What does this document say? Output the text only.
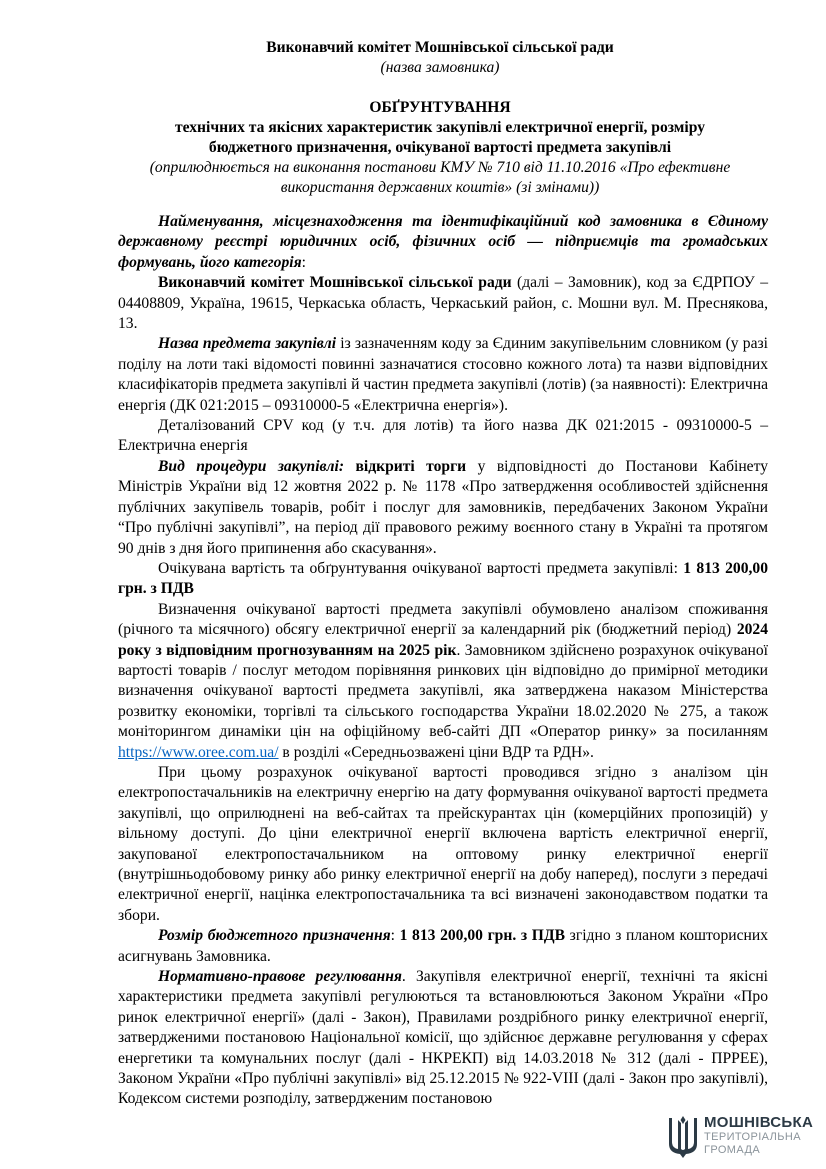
Виконавчий комітет Мошнівської сільської ради
(назва замовника)
ОБҐРУНТУВАННЯ
технічних та якісних характеристик закупівлі електричної енергії, розміру
бюджетного призначення, очікуваної вартості предмета закупівлі
(оприлюднюється на виконання постанови КМУ № 710 від 11.10.2016 «Про ефективне
використання державних коштів» (зі змінами))

Найменування, місцезнаходження та ідентифікаційний код замовника в Єдиному державному реєстрі юридичних осіб, фізичних осіб — підприємців та громадських формувань, його категорія:

Виконавчий комітет Мошнівської сільської ради (далі – Замовник), код за ЄДРПОУ – 04408809, Україна, 19615, Черкаська область, Черкаський район, с. Мошни вул. М. Преснякова, 13.

Назва предмета закупівлі із зазначенням коду за Єдиним закупівельним словником (у разі поділу на лоти такі відомості повинні зазначатися стосовно кожного лота) та назви відповідних класифікаторів предмета закупівлі й частин предмета закупівлі (лотів) (за наявності): Електрична енергія (ДК 021:2015 – 09310000-5 «Електрична енергія»).

Деталізований CPV код (у т.ч. для лотів) та його назва ДК 021:2015 - 09310000-5 – Електрична енергія

Вид процедури закупівлі: відкриті торги у відповідності до Постанови Кабінету Міністрів України від 12 жовтня 2022 р. № 1178 «Про затвердження особливостей здійснення публічних закупівель товарів, робіт і послуг для замовників, передбачених Законом України “Про публічні закупівлі”, на період дії правового режиму воєнного стану в Україні та протягом 90 днів з дня його припинення або скасування».

Очікувана вартість та обґрунтування очікуваної вартості предмета закупівлі: 1 813 200,00 грн. з ПДВ

Визначення очікуваної вартості предмета закупівлі обумовлено аналізом споживання (річного та місячного) обсягу електричної енергії за календарний рік (бюджетний період) 2024 року з відповідним прогнозуванням на 2025 рік. Замовником здійснено розрахунок очікуваної вартості товарів / послуг методом порівняння ринкових цін відповідно до примірної методики визначення очікуваної вартості предмета закупівлі, яка затверджена наказом Міністерства розвитку економіки, торгівлі та сільського господарства України 18.02.2020 № 275, а також моніторингом динаміки цін на офіційному веб-сайті ДП «Оператор ринку» за посиланням https://www.oree.com.ua/ в розділі «Середньозважені ціни ВДР та РДН».

При цьому розрахунок очікуваної вартості проводився згідно з аналізом цін електропостачальників на електричну енергію на дату формування очікуваної вартості предмета закупівлі, що оприлюднені на веб-сайтах та прейскурантах цін (комерційних пропозицій) у вільному доступі. До ціни електричної енергії включена вартість електричної енергії, закупованої електропостачальником на оптовому ринку електричної енергії (внутрішньодобовому ринку або ринку електричної енергії на добу наперед), послуги з передачі електричної енергії, націнка електропостачальника та всі визначені законодавством податки та збори.

Розмір бюджетного призначення: 1 813 200,00 грн. з ПДВ згідно з планом кошторисних асигнувань Замовника.

Нормативно-правове регулювання. Закупівля електричної енергії, технічні та якісні характеристики предмета закупівлі регулюються та встановлюються Законом України «Про ринок електричної енергії» (далі - Закон), Правилами роздрібного ринку електричної енергії, затвердженими постановою Національної комісії, що здійснює державне регулювання у сферах енергетики та комунальних послуг (далі - НКРЕКП) від 14.03.2018 № 312 (далі - ПРРЕЕ), Законом України «Про публічні закупівлі» від 25.12.2015 № 922-VIII (далі - Закон про закупівлі), Кодексом системи розподілу, затвердженим постановою

МОШНІВСЬКА
ТЕРИТОРІАЛЬНА
ГРОМАДА
